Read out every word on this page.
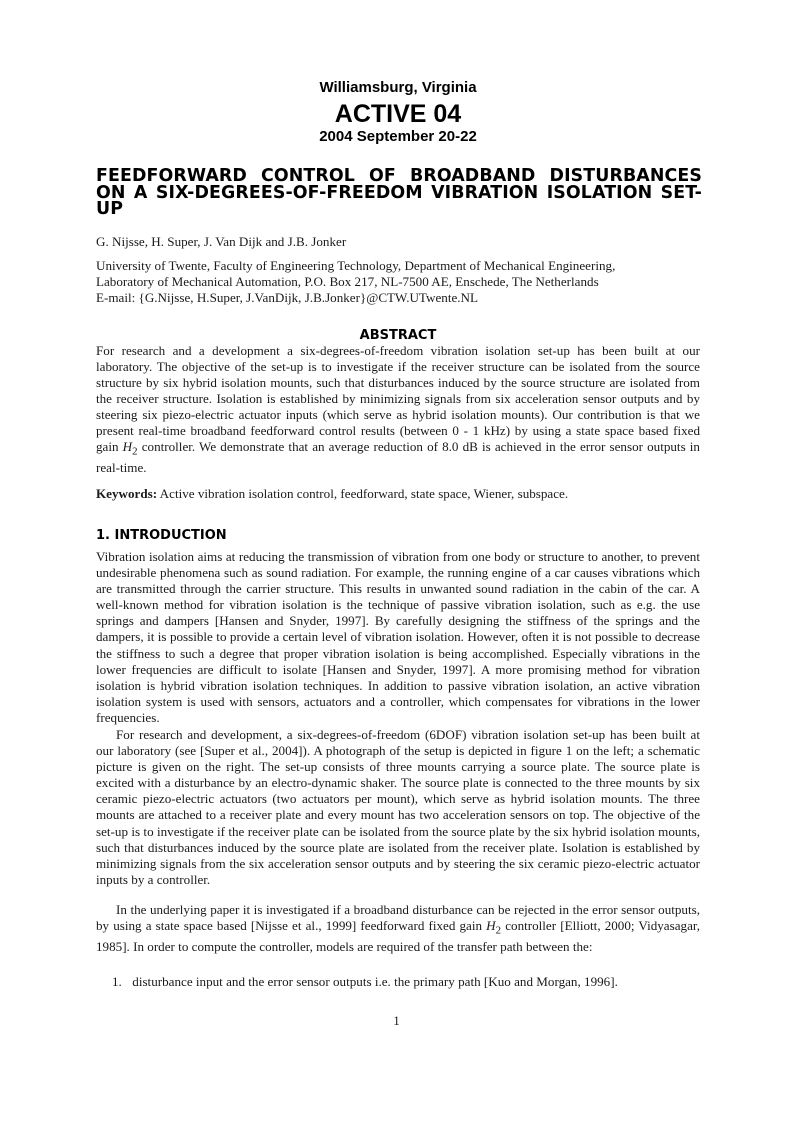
Williamsburg, Virginia
ACTIVE 04
2004 September 20-22
FEEDFORWARD CONTROL OF BROADBAND DISTURBANCES ON A SIX-DEGREES-OF-FREEDOM VIBRATION ISOLATION SET-UP
G. Nijsse, H. Super, J. Van Dijk and J.B. Jonker
University of Twente, Faculty of Engineering Technology, Department of Mechanical Engineering,
Laboratory of Mechanical Automation, P.O. Box 217, NL-7500 AE, Enschede, The Netherlands
E-mail: {G.Nijsse, H.Super, J.VanDijk, J.B.Jonker}@CTW.UTwente.NL
ABSTRACT
For research and a development a six-degrees-of-freedom vibration isolation set-up has been built at our laboratory. The objective of the set-up is to investigate if the receiver structure can be isolated from the source structure by six hybrid isolation mounts, such that disturbances induced by the source structure are isolated from the receiver structure. Isolation is established by minimizing signals from six acceleration sensor outputs and by steering six piezo-electric actuator inputs (which serve as hybrid isolation mounts). Our contribution is that we present real-time broadband feedforward control results (between 0 - 1 kHz) by using a state space based fixed gain $H_2$ controller. We demonstrate that an average reduction of 8.0 dB is achieved in the error sensor outputs in real-time.
Keywords: Active vibration isolation control, feedforward, state space, Wiener, subspace.
1. INTRODUCTION

Vibration isolation aims at reducing the transmission of vibration from one body or structure to another, to prevent undesirable phenomena such as sound radiation. For example, the running engine of a car causes vibrations which are transmitted through the carrier structure. This results in unwanted sound radiation in the cabin of the car. A well-known method for vibration isolation is the technique of passive vibration isolation, such as e.g. the use springs and dampers [Hansen and Snyder, 1997]. By carefully designing the stiffness of the springs and the dampers, it is possible to provide a certain level of vibration isolation. However, often it is not possible to decrease the stiffness to such a degree that proper vibration isolation is being accomplished. Especially vibrations in the lower frequencies are difficult to isolate [Hansen and Snyder, 1997]. A more promising method for vibration isolation is hybrid vibration isolation techniques. In addition to passive vibration isolation, an active vibration isolation system is used with sensors, actuators and a controller, which compensates for vibrations in the lower frequencies.

For research and development, a six-degrees-of-freedom (6DOF) vibration isolation set-up has been built at our laboratory (see [Super et al., 2004]). A photograph of the setup is depicted in figure 1 on the left; a schematic picture is given on the right. The set-up consists of three mounts carrying a source plate. The source plate is excited with a disturbance by an electro-dynamic shaker. The source plate is connected to the three mounts by six ceramic piezo-electric actuators (two actuators per mount), which serve as hybrid isolation mounts. The three mounts are attached to a receiver plate and every mount has two acceleration sensors on top. The objective of the set-up is to investigate if the receiver plate can be isolated from the source plate by the six hybrid isolation mounts, such that disturbances induced by the source plate are isolated from the receiver plate. Isolation is established by minimizing signals from the six acceleration sensor outputs and by steering the six ceramic piezo-electric actuator inputs by a controller.

In the underlying paper it is investigated if a broadband disturbance can be rejected in the error sensor outputs, by using a state space based [Nijsse et al., 1999] feedforward fixed gain $H_2$ controller [Elliott, 2000; Vidyasagar, 1985]. In order to compute the controller, models are required of the transfer path between the:

1. disturbance input and the error sensor outputs i.e. the primary path [Kuo and Morgan, 1996].
1
